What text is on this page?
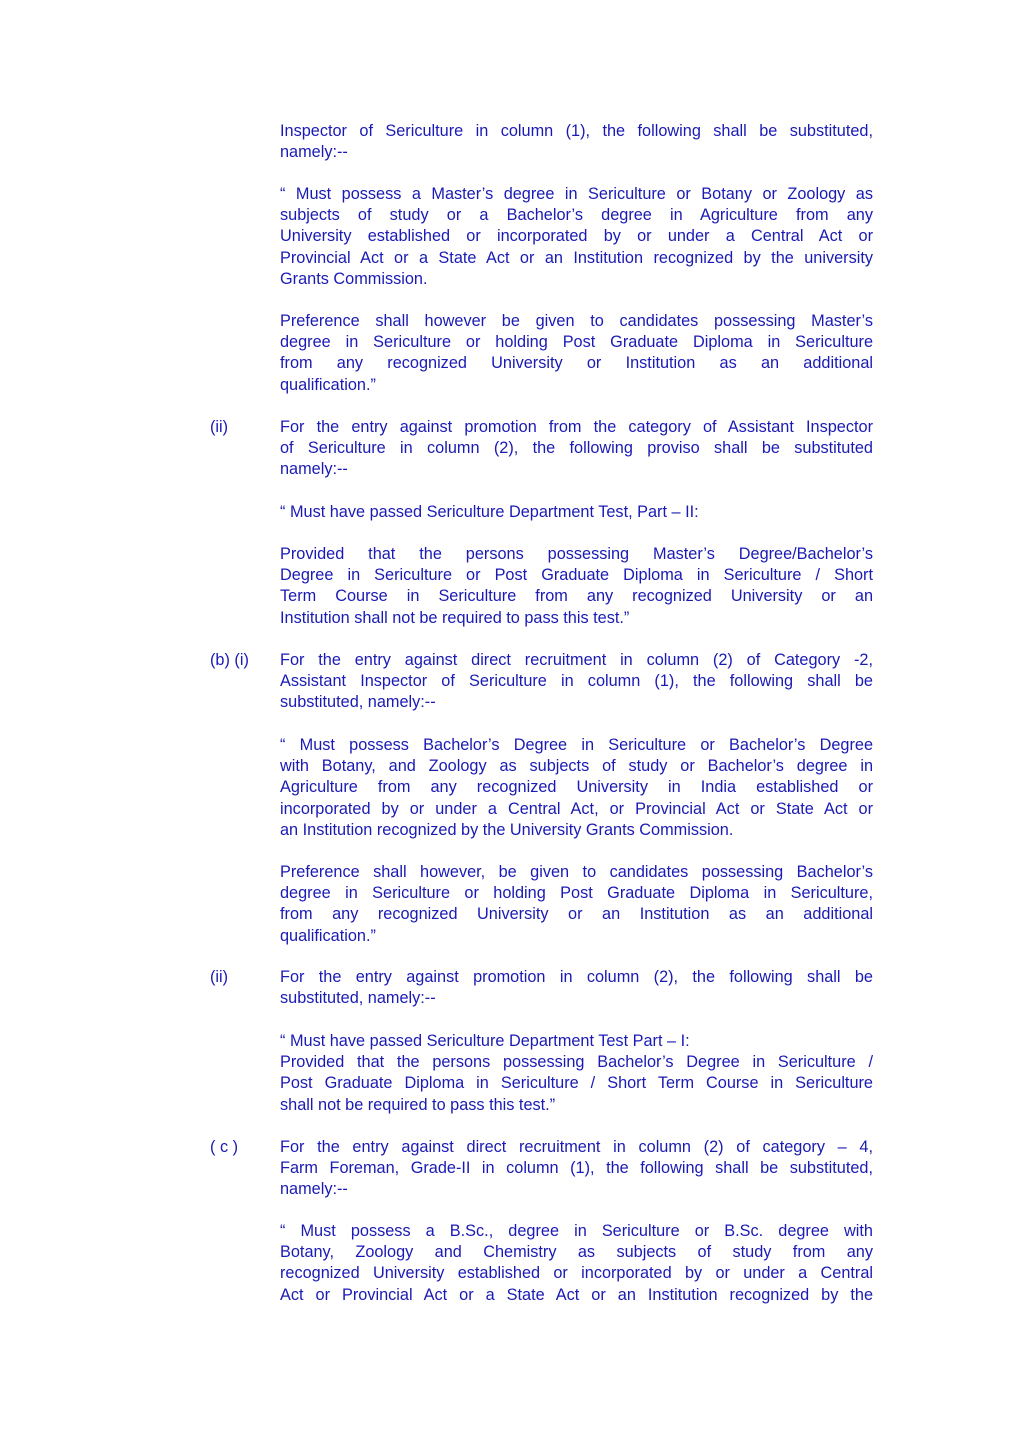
Inspector of Sericulture in column (1), the following shall be substituted,
namely:--
“ Must possess a Master’s degree in Sericulture or Botany or Zoology as
subjects of study or a Bachelor’s degree in Agriculture from any
University established or incorporated by or under a Central Act or
Provincial Act or a State Act or an Institution recognized by the university
Grants Commission.
Preference shall however be given to candidates possessing Master’s
degree in Sericulture or holding Post Graduate Diploma in Sericulture
from any recognized University or Institution as an additional
qualification.”
(ii)	For the entry against promotion from the category of Assistant Inspector
of Sericulture in column (2), the following proviso shall be substituted
namely:--
“ Must have passed Sericulture Department Test, Part – II:
Provided that the persons possessing Master’s Degree/Bachelor’s
Degree in Sericulture or Post Graduate Diploma in Sericulture / Short
Term Course in Sericulture from any recognized University or an
Institution shall not be required to pass this test.”
(b) (i) For the entry against direct recruitment in column (2) of Category -2,
Assistant Inspector of Sericulture in column (1), the following shall be
substituted, namely:--
“ Must possess Bachelor’s Degree in Sericulture or Bachelor’s Degree
with Botany, and Zoology as subjects of study or Bachelor’s degree in
Agriculture from any recognized University in India established or
incorporated by or under a Central Act, or Provincial Act or State Act or
an Institution recognized by the University Grants Commission.
Preference shall however, be given to candidates possessing Bachelor’s
degree in Sericulture or holding Post Graduate Diploma in Sericulture,
from any recognized University or an Institution as an additional
qualification.”
(ii)	For the entry against promotion in column (2), the following shall be
substituted, namely:--
“ Must have passed Sericulture Department Test Part – I:
Provided that the persons possessing Bachelor’s Degree in Sericulture /
Post Graduate Diploma in Sericulture / Short Term Course in Sericulture
shall not be required to pass this test.”
( c )	For the entry against direct recruitment in column (2) of category – 4,
Farm Foreman, Grade-II in column (1), the following shall be substituted,
namely:--
“ Must possess a B.Sc., degree in Sericulture or B.Sc. degree with
Botany, Zoology and Chemistry as subjects of study from any
recognized University established or incorporated by or under a Central
Act or Provincial Act or a State Act or an Institution recognized by the
